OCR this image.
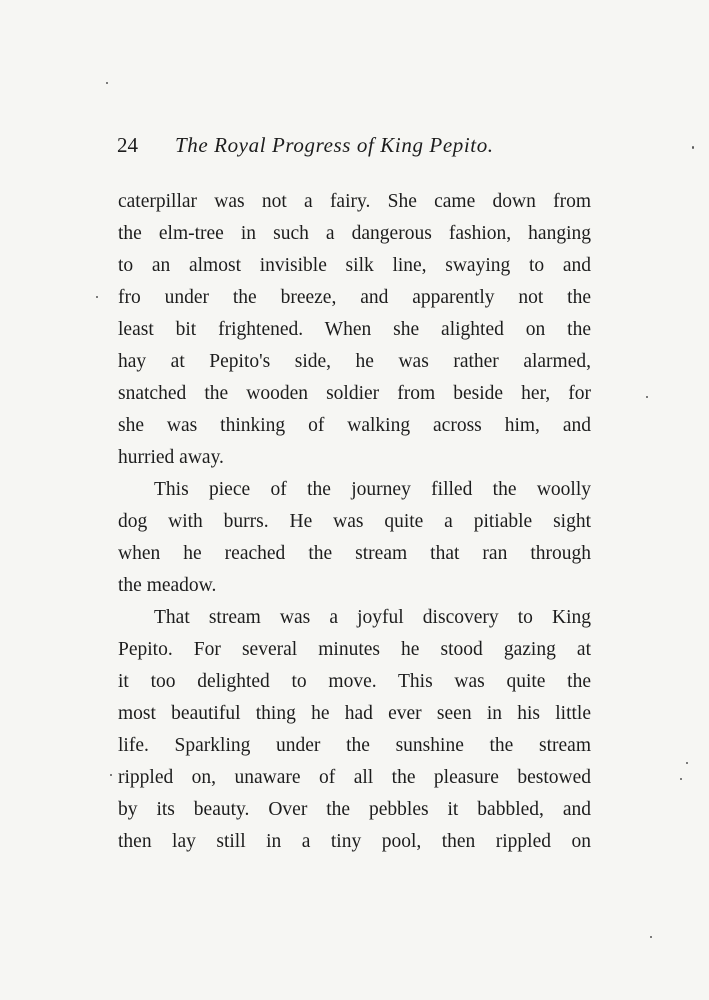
24 The Royal Progress of King Pepito.
caterpillar was not a fairy. She came down from
the elm-tree in such a dangerous fashion, hanging
to an almost invisible silk line, swaying to and
fro under the breeze, and apparently not the
least bit frightened. When she alighted on the
hay at Pepito's side, he was rather alarmed,
snatched the wooden soldier from beside her, for
she was thinking of walking across him, and
hurried away.
This piece of the journey filled the woolly
dog with burrs. He was quite a pitiable sight
when he reached the stream that ran through
the meadow.
That stream was a joyful discovery to King
Pepito. For several minutes he stood gazing at
it too delighted to move. This was quite the
most beautiful thing he had ever seen in his little
life. Sparkling under the sunshine the stream
rippled on, unaware of all the pleasure bestowed
by its beauty. Over the pebbles it babbled, and
then lay still in a tiny pool, then rippled on
